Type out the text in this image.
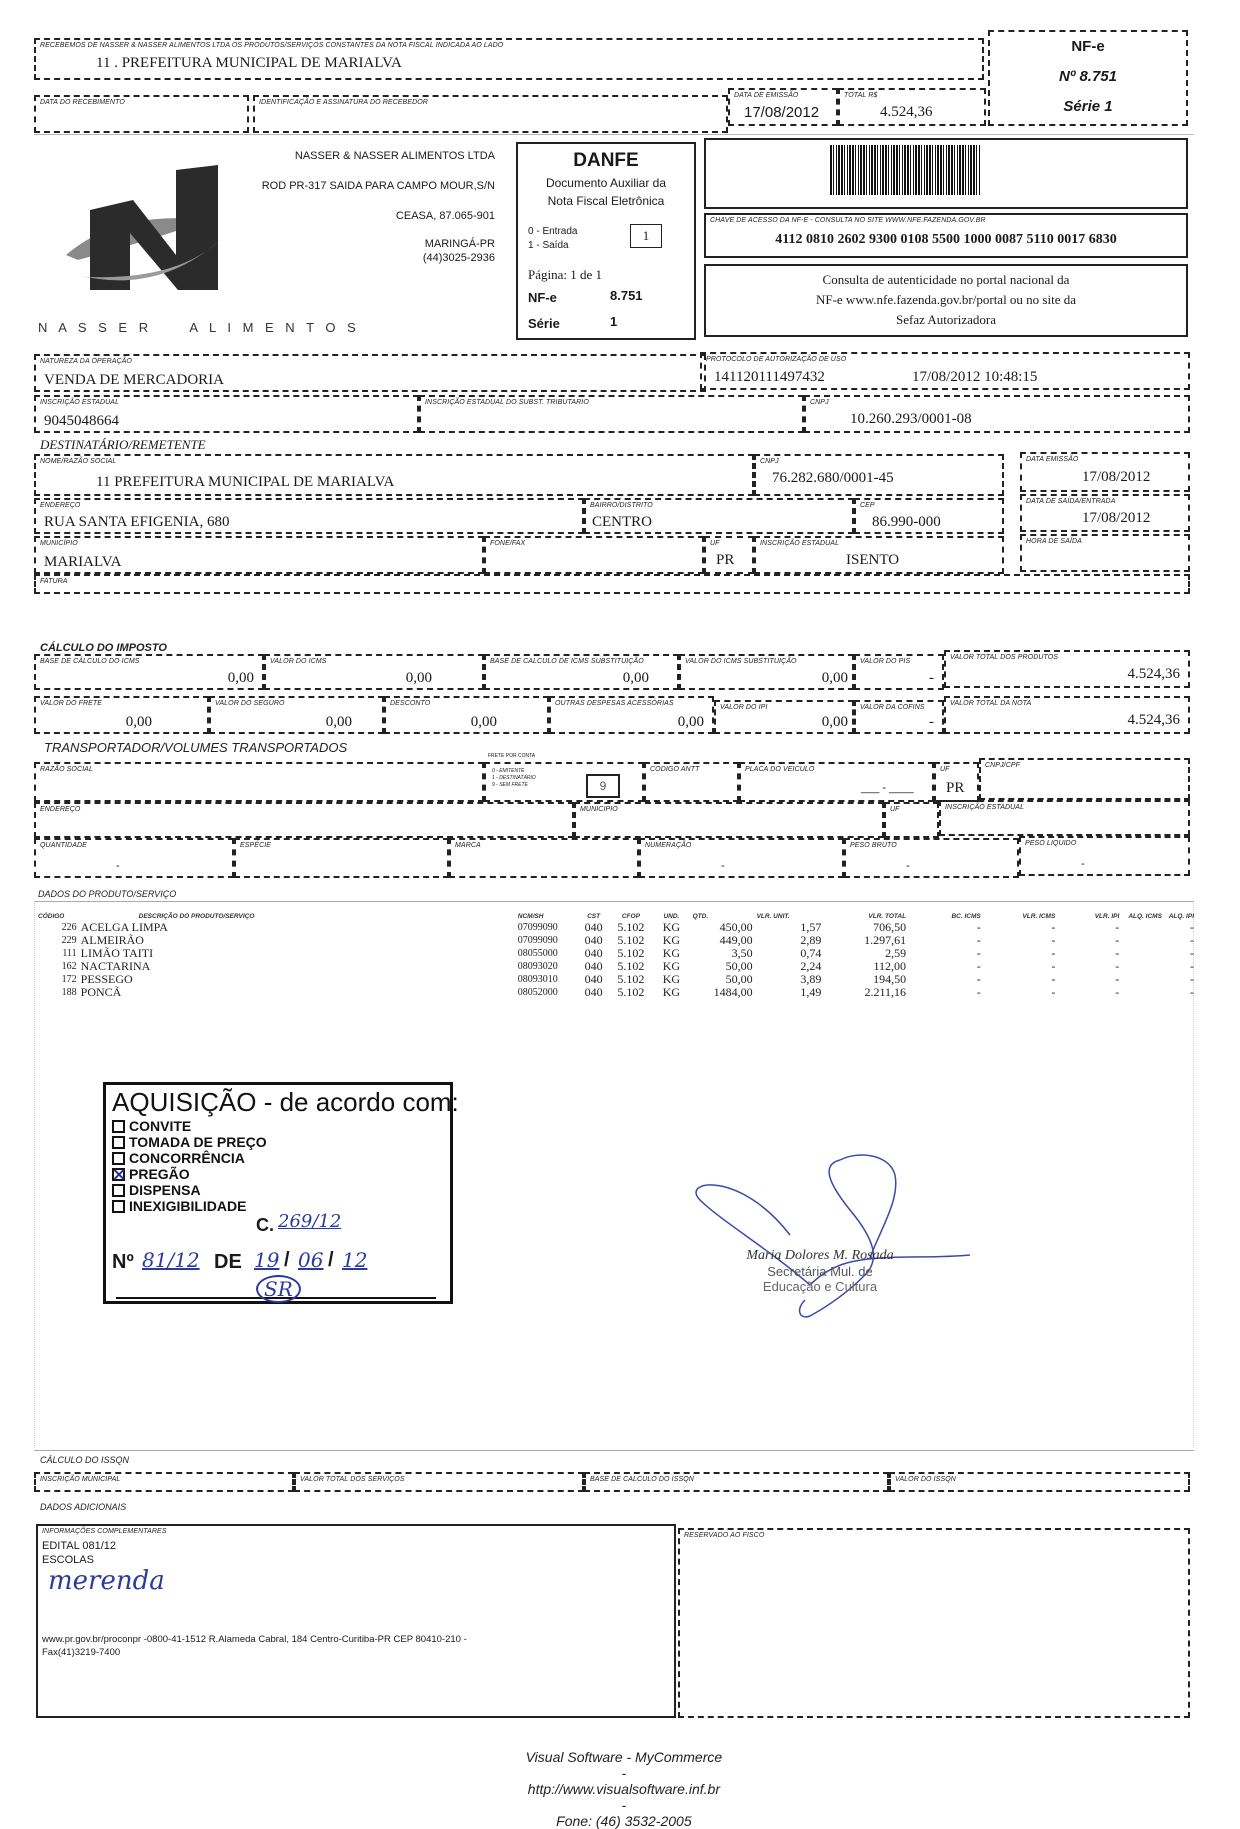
RECEBEMOS DE NASSER & NASSER ALIMENTOS LTDA OS PRODUTOS/SERVIÇOS CONSTANTES DA NOTA FISCAL INDICADA AO LADO
11 . PREFEITURA MUNICIPAL DE MARIALVA
DATA DO RECEBIMENTO	IDENTIFICAÇÃO E ASSINATURA DO RECEBEDOR
DATA DE EMISSÃO
17/08/2012
TOTAL R$
4.524,36
NF-e
Nº 8.751
Série 1
N A S S E R     A L I M E N T O S
NASSER & NASSER ALIMENTOS LTDA
ROD PR-317 SAIDA PARA CAMPO MOUR,S/N
CEASA, 87.065-901
MARINGÁ-PR
(44)3025-2936
DANFE
Documento Auxiliar da
Nota Fiscal Eletrônica
0 - Entrada
1 - Saída
1
Página: 1 de 1
NF-e	8.751
Série	1
CHAVE DE ACESSO DA NF-E - CONSULTA NO SITE WWW.NFE.FAZENDA.GOV.BR
4112 0810 2602 9300 0108 5500 1000 0087 5110 0017 6830
Consulta de autenticidade no portal nacional da
NF-e www.nfe.fazenda.gov.br/portal ou no site da
Sefaz Autorizadora
NATUREZA DA OPERAÇÃO
VENDA DE MERCADORIA
PROTOCOLO DE AUTORIZAÇÃO DE USO
141120111497432	17/08/2012 10:48:15
INSCRIÇÃO ESTADUAL
9045048664
INSCRIÇÃO ESTADUAL DO SUBST. TRIBUTARIO	CNPJ
10.260.293/0001-08
DESTINATÁRIO/REMETENTE
NOME/RAZÃO SOCIAL
11 PREFEITURA MUNICIPAL DE MARIALVA
CNPJ
76.282.680/0001-45
DATA EMISSÃO
17/08/2012
ENDEREÇO
RUA SANTA EFIGENIA, 680
BAIRRO/DISTRITO
CENTRO
CEP
86.990-000
DATA DE SAÍDA/ENTRADA
17/08/2012
MUNICÍPIO
MARIALVA
FONE/FAX	UF
PR
INSCRIÇÃO ESTADUAL
ISENTO
HORA DE SAÍDA
FATURA
CÁLCULO DO IMPOSTO
BASE DE CÁLCULO DO ICMS
0,00
VALOR DO ICMS
0,00
BASE DE CALCULO DE ICMS SUBSTITUIÇÃO
0,00
VALOR DO ICMS SUBSTITUIÇÃO
0,00
VALOR DO PIS
-
VALOR TOTAL DOS PRODUTOS
4.524,36
VALOR DO FRETE
0,00
VALOR DO SEGURO
0,00
DESCONTO
0,00
OUTRAS DESPESAS ACESSÓRIAS
0,00
VALOR DO IPI
0,00
VALOR DA COFINS
-
VALOR TOTAL DA NOTA
4.524,36
TRANSPORTADOR/VOLUMES TRANSPORTADOS
RAZÃO SOCIAL
FRETE POR CONTA
0 - EMITENTE
1 - DESTINATÁRIO
9 - SEM FRETE	9
CODIGO ANTT	PLACA DO VEICULO
___ - ____
UF
PR
CNPJ/CPF
ENDEREÇO	MUNICIPIO	UF	INSCRIÇÃO ESTADUAL
QUANTIDADE
-
ESPÉCIE	MARCA	NUMERAÇÃO
-
PESO BRUTO
-
PESO LIQUIDO
-
DADOS DO PRODUTO/SERVIÇO
CÓDIGO	DESCRIÇÃO DO PRODUTO/SERVIÇO	NCM/SH	CST	CFOP	UND.	QTD.	VLR. UNIT.	VLR. TOTAL	BC. ICMS	VLR. ICMS	VLR. IPI	ALQ. ICMS	ALQ. IPI
226	ACELGA LIMPA	07099090	040	5.102	KG	450,00	1,57	706,50	-	-	-		-
229	ALMEIRÃO	07099090	040	5.102	KG	449,00	2,89	1.297,61	-	-	-		-
111	LIMÃO TAITI	08055000	040	5.102	KG	3,50	0,74	2,59	-	-	-		-
162	NACTARINA	08093020	040	5.102	KG	50,00	2,24	112,00	-	-	-		-
172	PESSEGO	08093010	040	5.102	KG	50,00	3,89	194,50	-	-	-		-
188	PONCÃ	08052000	040	5.102	KG	1484,00	1,49	2.211,16	-	-	-		-
AQUISIÇÃO - de acordo com:
CONVITE
TOMADA DE PREÇO
CONCORRÊNCIA
PREGÃO
DISPENSA
INEXIGIBILIDADE
C. 269/12
Nº 81/12 DE 19 / 06 / 12
SR
Maria Dolores M. Rosada
Secretária Mul. de
Educação e Cultura
CÁLCULO DO ISSQN
INSCRIÇÃO MUNICIPAL	VALOR TOTAL DOS SERVIÇOS	BASE DE CALCULO DO ISSQN	VALOR DO ISSQN
DADOS ADICIONAIS
INFORMAÇÕES COMPLEMENTARES
EDITAL 081/12
ESCOLAS
merenda
www.pr.gov.br/proconpr -0800-41-1512 R.Alameda Cabral, 184 Centro-Curitiba-PR CEP 80410-210 -
Fax(41)3219-7400
RESERVADO AO FISCO

Visual Software - MyCommerce
-
http://www.visualsoftware.inf.br
-
Fone: (46) 3532-2005
